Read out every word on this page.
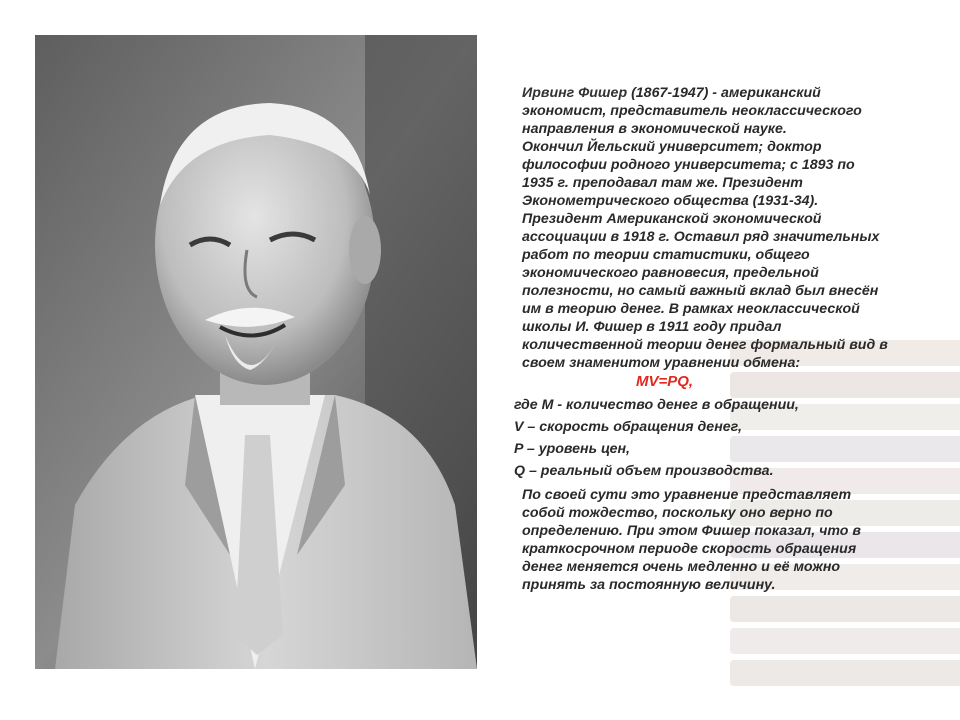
Ирвинг Фишер (1867-1947) - американский
экономист, представитель неоклассического
направления в экономической науке.
Окончил Йельский университет; доктор
философии родного университета; с 1893 по
1935 г. преподавал там же. Президент
Эконометрического общества (1931-34).
Президент Американской экономической
ассоциации в 1918 г. Оставил ряд значительных
работ по теории статистики, общего
экономического равновесия, предельной
полезности, но самый важный вклад был внесён
им в теорию денег. В рамках неоклассической
школы И. Фишер в 1911 году придал
количественной теории денег формальный вид в
своем знаменитом уравнении обмена:

MV=PQ,

где M - количество денег в обращении,

V – скорость обращения денег,

P – уровень цен,

Q – реальный объем производства.

По своей сути это уравнение представляет
собой тождество, поскольку оно верно по
определению. При этом Фишер показал, что в
краткосрочном периоде скорость обращения
денег меняется очень медленно и её можно
принять за постоянную величину.
